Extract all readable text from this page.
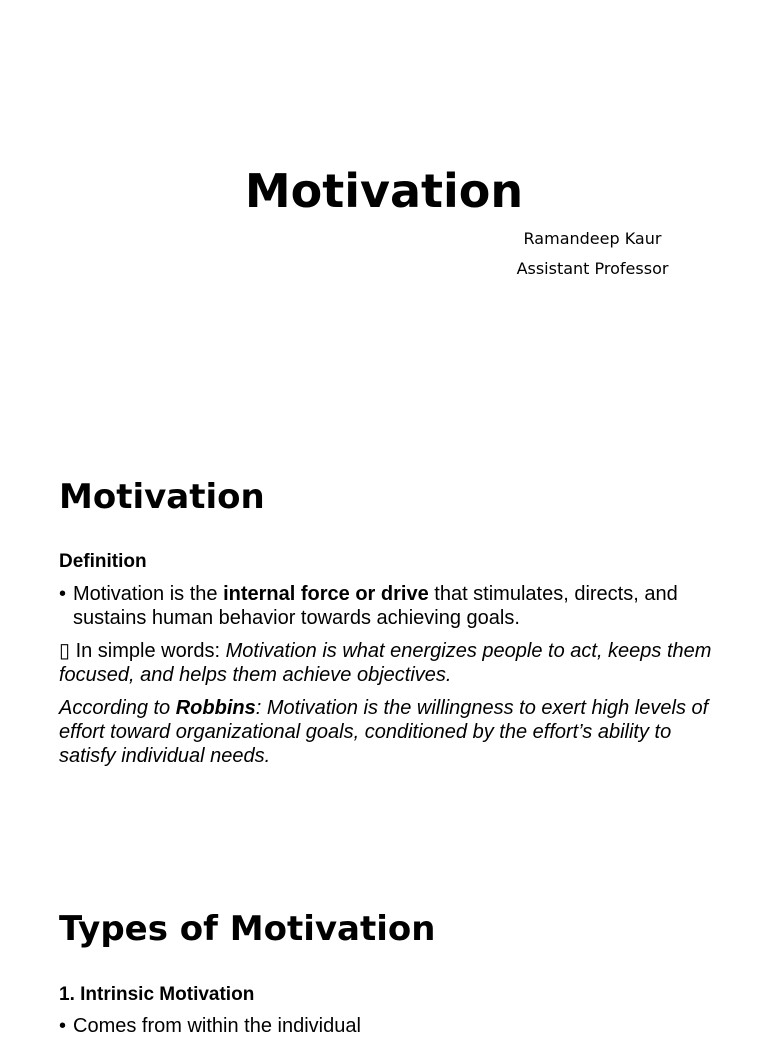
Motivation
Ramandeep Kaur
Assistant Professor
Motivation
Definition
• Motivation is the internal force or drive that stimulates, directs, and sustains human behavior towards achieving goals.
▯ In simple words: Motivation is what energizes people to act, keeps them focused, and helps them achieve objectives.
According to Robbins: Motivation is the willingness to exert high levels of effort toward organizational goals, conditioned by the effort’s ability to satisfy individual needs.
Types of Motivation
1. Intrinsic Motivation
• Comes from within the individual
